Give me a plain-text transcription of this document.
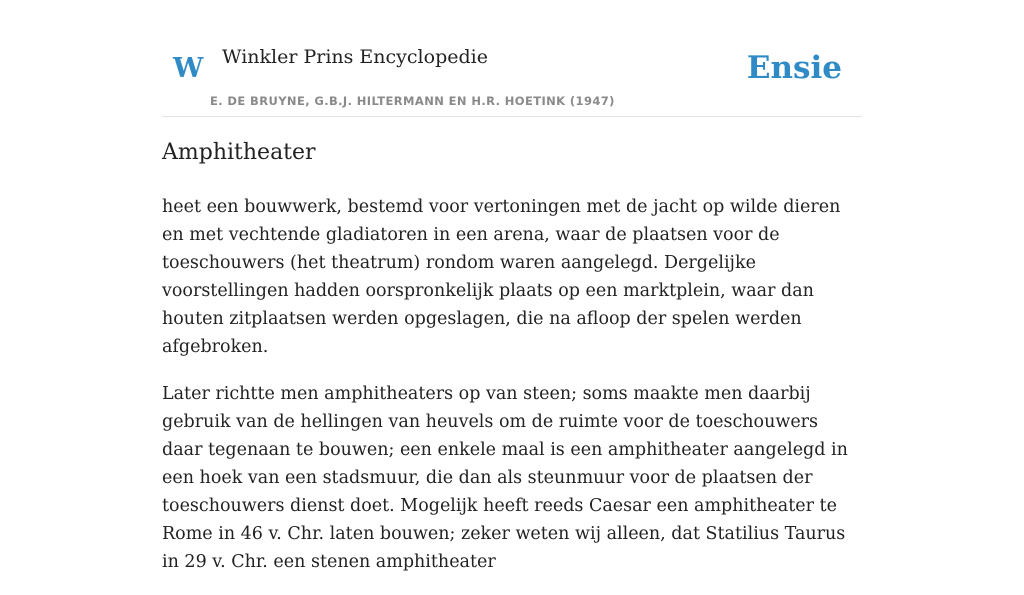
W Winkler Prins Encyclopedie
E. DE BRUYNE, G.B.J. HILTERMANN EN H.R. HOETINK (1947)
Ensie
Amphitheater

heet een bouwwerk, bestemd voor vertoningen met de jacht op wilde dieren en met vechtende gladiatoren in een arena, waar de plaatsen voor de toeschouwers (het theatrum) rondom waren aangelegd. Dergelijke voorstellingen hadden oorspronkelijk plaats op een marktplein, waar dan houten zitplaatsen werden opgeslagen, die na afloop der spelen werden afgebroken.

Later richtte men amphitheaters op van steen; soms maakte men daarbij gebruik van de hellingen van heuvels om de ruimte voor de toeschouwers daar tegenaan te bouwen; een enkele maal is een amphitheater aangelegd in een hoek van een stadsmuur, die dan als steunmuur voor de plaatsen der toeschouwers dienst doet. Mogelijk heeft reeds Caesar een amphitheater te Rome in 46 v. Chr. laten bouwen; zeker weten wij alleen, dat Statilius Taurus in 29 v. Chr. een stenen amphitheater
